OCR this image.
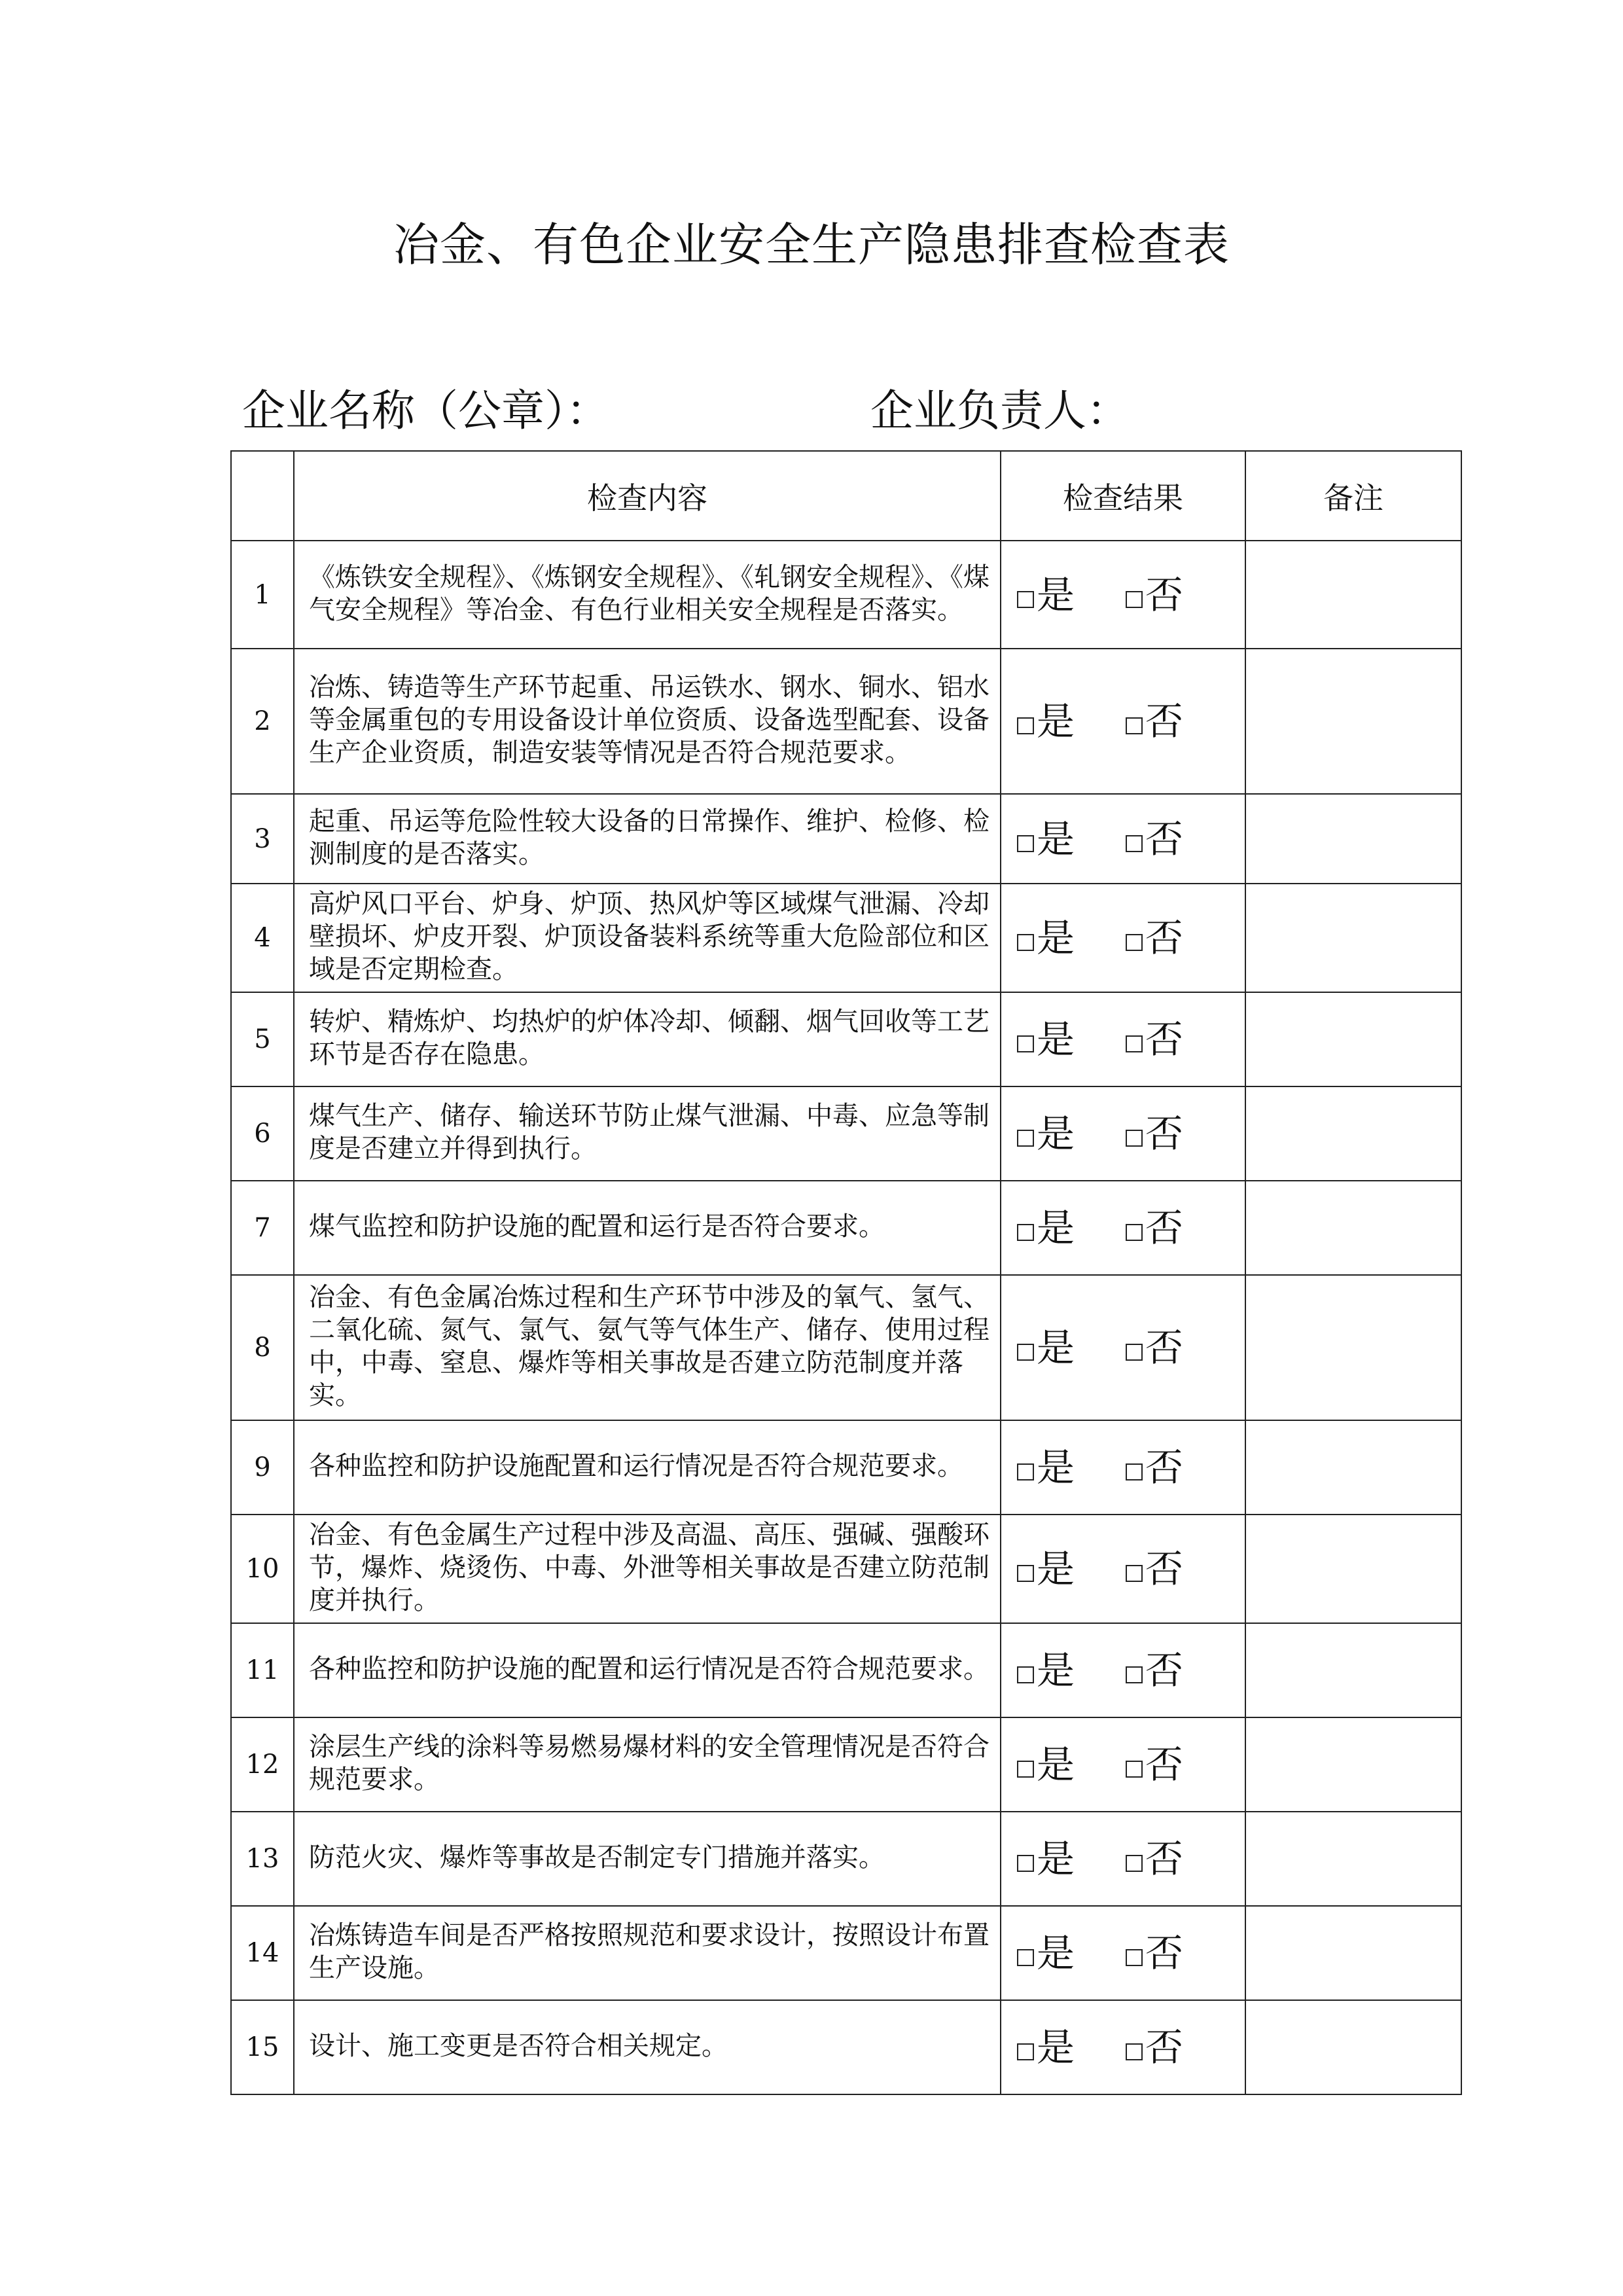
冶金、有色企业安全生产隐患排查检查表
企业名称（公章）：	企业负责人：
	检查内容	检查结果	备注
1	《炼铁安全规程》、《炼钢安全规程》、《轧钢安全规程》、《煤气安全规程》等冶金、有色行业相关安全规程是否落实。	是 否	
2	冶炼、铸造等生产环节起重、吊运铁水、钢水、铜水、铝水等金属重包的专用设备设计单位资质、设备选型配套、设备生产企业资质，制造安装等情况是否符合规范要求。	是 否	
3	起重、吊运等危险性较大设备的日常操作、维护、检修、检测制度的是否落实。	是 否	
4	高炉风口平台、炉身、炉顶、热风炉等区域煤气泄漏、冷却壁损坏、炉皮开裂、炉顶设备装料系统等重大危险部位和区域是否定期检查。	是 否	
5	转炉、精炼炉、均热炉的炉体冷却、倾翻、烟气回收等工艺环节是否存在隐患。	是 否	
6	煤气生产、储存、输送环节防止煤气泄漏、中毒、应急等制度是否建立并得到执行。	是 否	
7	煤气监控和防护设施的配置和运行是否符合要求。	是 否	
8	冶金、有色金属冶炼过程和生产环节中涉及的氧气、氢气、二氧化硫、氮气、氯气、氨气等气体生产、储存、使用过程中，中毒、窒息、爆炸等相关事故是否建立防范制度并落实。	是 否	
9	各种监控和防护设施配置和运行情况是否符合规范要求。	是 否	
10	冶金、有色金属生产过程中涉及高温、高压、强碱、强酸环节，爆炸、烧烫伤、中毒、外泄等相关事故是否建立防范制度并执行。	是 否	
11	各种监控和防护设施的配置和运行情况是否符合规范要求。	是 否	
12	涂层生产线的涂料等易燃易爆材料的安全管理情况是否符合规范要求。	是 否	
13	防范火灾、爆炸等事故是否制定专门措施并落实。	是 否	
14	冶炼铸造车间是否严格按照规范和要求设计，按照设计布置生产设施。	是 否	
15	设计、施工变更是否符合相关规定。	是 否	
